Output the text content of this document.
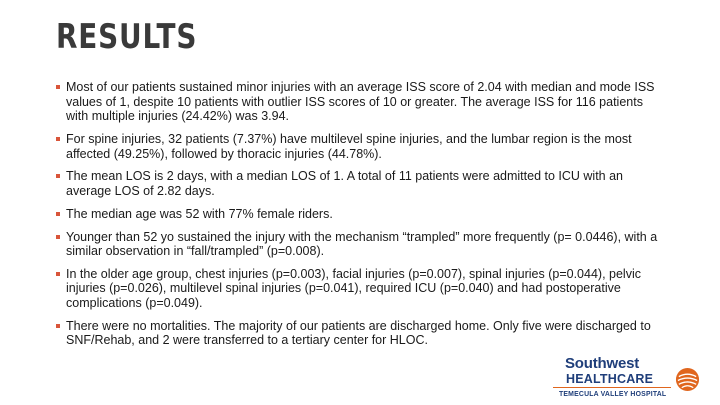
RESULTS
Most of our patients sustained minor injuries with an average ISS score of 2.04 with median and mode ISS values of 1, despite 10 patients with outlier ISS scores of 10 or greater. The average ISS for 116 patients with multiple injuries (24.42%) was 3.94.
For spine injuries, 32 patients (7.37%) have multilevel spine injuries, and the lumbar region is the most affected (49.25%), followed by thoracic injuries (44.78%).
The mean LOS is 2 days, with a median LOS of 1. A total of 11 patients were admitted to ICU with an average LOS of 2.82 days.
The median age was 52 with 77% female riders.
Younger than 52 yo sustained the injury with the mechanism “trampled” more frequently (p= 0.0446), with a similar observation in “fall/trampled” (p=0.008).
In the older age group, chest injuries (p=0.003), facial injuries (p=0.007), spinal injuries (p=0.044), pelvic injuries (p=0.026), multilevel spinal injuries (p=0.041), required ICU (p=0.040) and had postoperative complications (p=0.049).
There were no mortalities. The majority of our patients are discharged home. Only five were discharged to SNF/Rehab, and 2 were transferred to a tertiary center for HLOC.
Southwest
HEALTHCARE
TEMECULA VALLEY HOSPITAL
